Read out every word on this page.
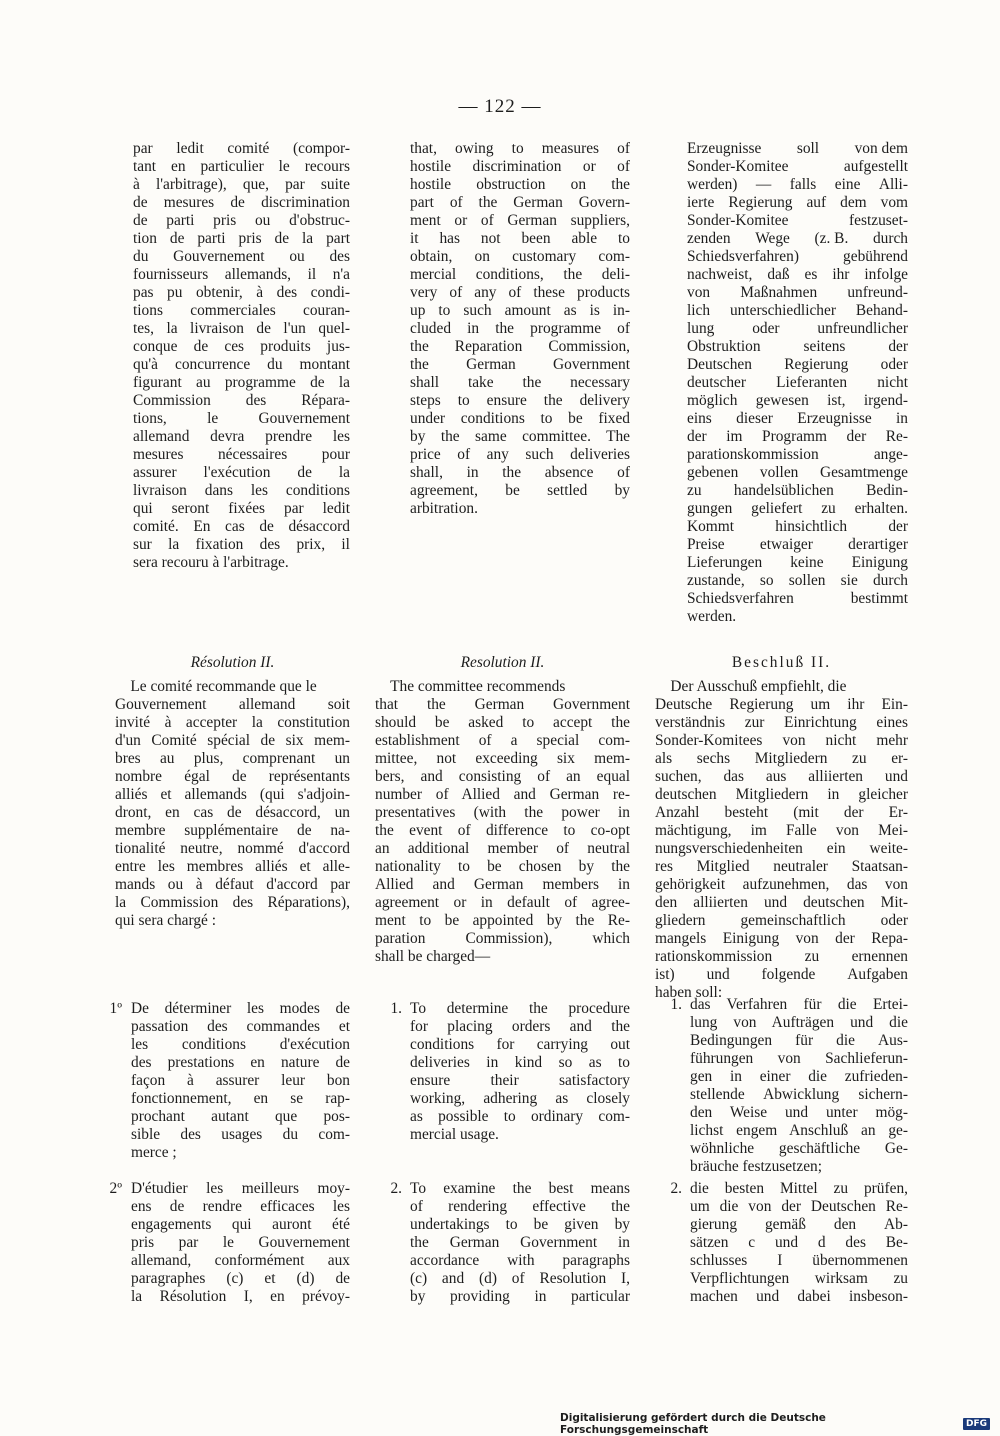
— 122 —
par ledit comité (compor-
tant en particulier le recours
à l'arbitrage), que, par suite
de mesures de discrimination
de parti pris ou d'obstruc-
tion de parti pris de la part
du Gouvernement ou des
fournisseurs allemands, il n'a
pas pu obtenir, à des condi-
tions commerciales couran-
tes, la livraison de l'un quel-
conque de ces produits jus-
qu'à concurrence du montant
figurant au programme de la
Commission des Répara-
tions,	le	Gouvernement
allemand devra prendre les
mesures nécessaires pour
assurer l'exécution de la
livraison dans les conditions
qui seront fixées par ledit
comité. En cas de désaccord
sur la fixation des prix, il
sera recouru à l'arbitrage.
that, owing to measures of
hostile discrimination or of
hostile obstruction on the
part of the German Govern-
ment or of German suppliers,
it has not been able to
obtain, on customary com-
mercial conditions, the deli-
very of any of these products
up to such amount as is in-
cluded in the programme of
the Reparation Commission,
the German Government
shall take the necessary
steps to ensure the delivery
under conditions to be fixed
by the same committee. The
price of any such deliveries
shall, in the absence of
agreement, be settled by
arbitration.
Erzeugnisse soll von dem
Sonder-Komitee	aufgestellt
werden) — falls eine Alli-
ierte Regierung auf dem vom
Sonder-Komitee	festzuset-
zenden Wege (z. B. durch
Schiedsverfahren) gebührend
nachweist, daß es ihr infolge
von Maßnahmen unfreund-
lich unterschiedlicher Behand-
lung oder unfreundlicher
Obstruktion	seitens	der
Deutschen Regierung oder
deutscher Lieferanten nicht
möglich gewesen ist, irgend-
eins dieser Erzeugnisse in
der im Programm der Re-
parationskommission	ange-
gebenen vollen Gesamtmenge
zu handelsüblichen Bedin-
gungen geliefert zu erhalten.
Kommt	hinsichtlich	der
Preise etwaiger derartiger
Lieferungen keine Einigung
zustande, so sollen sie durch
Schiedsverfahren	bestimmt
werden.
Résolution II.	Resolution II.	Beschluß II.
Le comité recommande que le
Gouvernement allemand soit
invité à accepter la constitution
d'un Comité spécial de six mem-
bres au plus, comprenant un
nombre égal de représentants
alliés et allemands (qui s'adjoin-
dront, en cas de désaccord, un
membre supplémentaire de na-
tionalité neutre, nommé d'accord
entre les membres alliés et alle-
mands ou à défaut d'accord par
la Commission des Réparations),
qui sera chargé :
The committee recommends
that the German Government
should be asked to accept the
establishment of a special com-
mittee, not exceeding six mem-
bers, and consisting of an equal
number of Allied and German re-
presentatives (with the power in
the event of difference to co-opt
an additional member of neutral
nationality to be chosen by the
Allied and German members in
agreement or in default of agree-
ment to be appointed by the Re-
paration	Commission),	which
shall be charged—
Der Ausschuß empfiehlt, die
Deutsche Regierung um ihr Ein-
verständnis zur Einrichtung eines
Sonder-Komitees von nicht mehr
als sechs Mitgliedern zu er-
suchen, das aus alliierten und
deutschen Mitgliedern in gleicher
Anzahl besteht (mit der Er-
mächtigung, im Falle von Mei-
nungsverschiedenheiten ein weite-
res Mitglied neutraler Staatsan-
gehörigkeit aufzunehmen, das von
den alliierten und deutschen Mit-
gliedern gemeinschaftlich oder
mangels Einigung von der Repa-
rationskommission zu ernennen
ist) und folgende Aufgaben
haben soll:
1º De déterminer les modes de
passation des commandes et
les conditions d'exécution
des prestations en nature de
façon à assurer leur bon
fonctionnement, en se rap-
prochant autant que pos-
sible des usages du com-
merce ;
1. To determine the procedure
for placing orders and the
conditions for carrying out
deliveries in kind so as to
ensure	their	satisfactory
working, adhering as closely
as possible to ordinary com-
mercial usage.
1. das Verfahren für die Ertei-
lung von Aufträgen und die
Bedingungen für die Aus-
führungen von Sachlieferun-
gen in einer die zufrieden-
stellende Abwicklung sichern-
den Weise und unter mög-
lichst engem Anschluß an ge-
wöhnliche geschäftliche Ge-
bräuche festzusetzen;
2º D'étudier les meilleurs moy-
ens de rendre efficaces les
engagements qui auront été
pris par le Gouvernement
allemand, conformément aux
paragraphes (c) et (d) de
la Résolution I, en prévoy-
2. To examine the best means
of rendering effective the
undertakings to be given by
the German Government in
accordance with paragraphs
(c) and (d) of Resolution I,
by providing in particular
2. die besten Mittel zu prüfen,
um die von der Deutschen Re-
gierung gemäß den Ab-
sätzen c und d des Be-
schlusses I übernommenen
Verpflichtungen wirksam zu
machen und dabei insbeson-
Digitalisierung gefördert durch die Deutsche Forschungsgemeinschaft	DFG
